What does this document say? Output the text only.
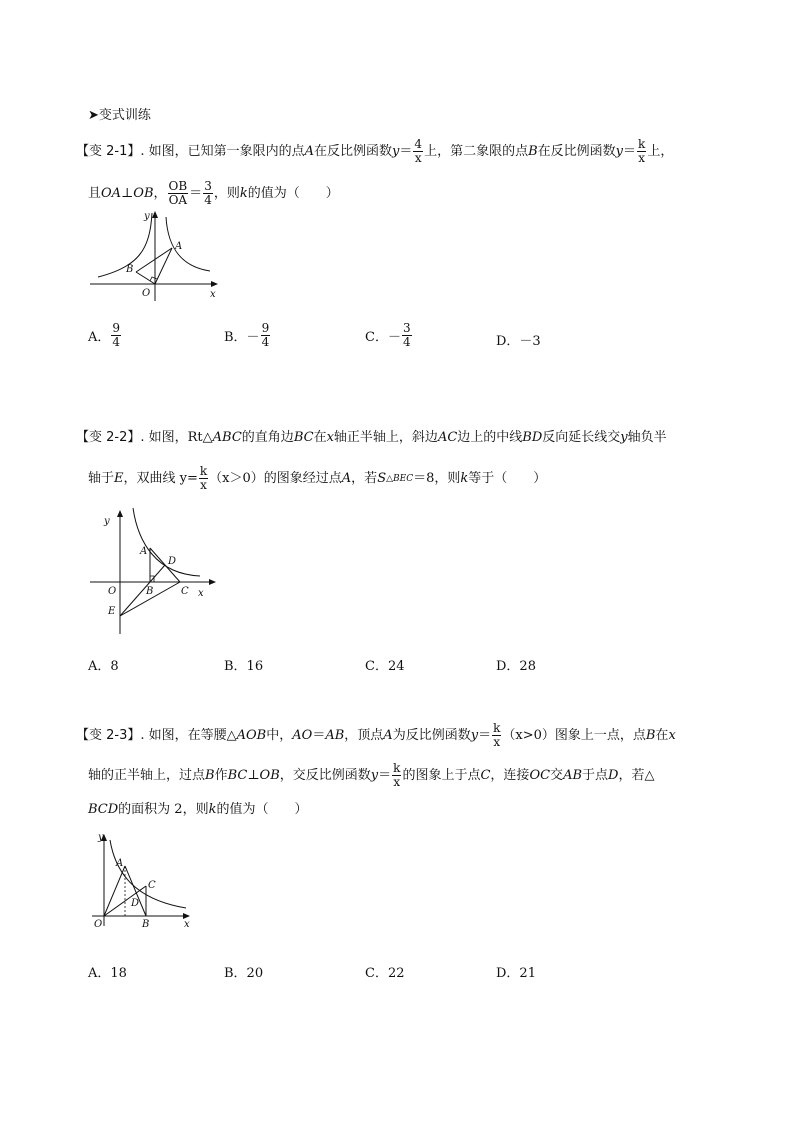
➤变式训练
【变 2-1】 . 如图，已知第一象限内的点 A 在反比例函数 $y = \frac{4}{x}$ 上，第二象限的点 B 在反比例函数 $y = \frac{k}{x}$ 上，
且 OA⊥OB ， $\frac{OB}{OA} = \frac{3}{4}$ ，则 k 的值为（　　）
y
x
O
A
B
A． $\frac{9}{4}$	B．－ $\frac{9}{4}$	C．－ $\frac{3}{4}$	D．－3
【变 2-2】 . 如图，Rt△ ABC 的直角边 BC 在 x 轴正半轴上，斜边 AC 边上的中线 BD 反向延长线交 y 轴负半
轴于 E ，双曲线 $y= \frac{k}{x} (x>0)$的图象经过点 A ，若 S △BEC ＝8，则 k 等于（　　）
y
x
O
A
B	C
D
E
A．8	B．16	C．24	D．28
【变 2-3】 . 如图，在等腰△ AOB 中， AO ＝ AB ，顶点 A 为反比例函数 $y = \frac{k}{x} (x>0)$图象上一点，点 B 在 x
轴的正半轴上，过点 B 作 BC⊥OB ，交反比例函数 $y = \frac{k}{x}$ 的图象上于点 C ，连接 OC 交 AB 于点 D ，若△
BCD 的面积为 2，则 k 的值为（　　）
y
x
O
A
B
C
D
A．18	B．20	C．22	D．21
